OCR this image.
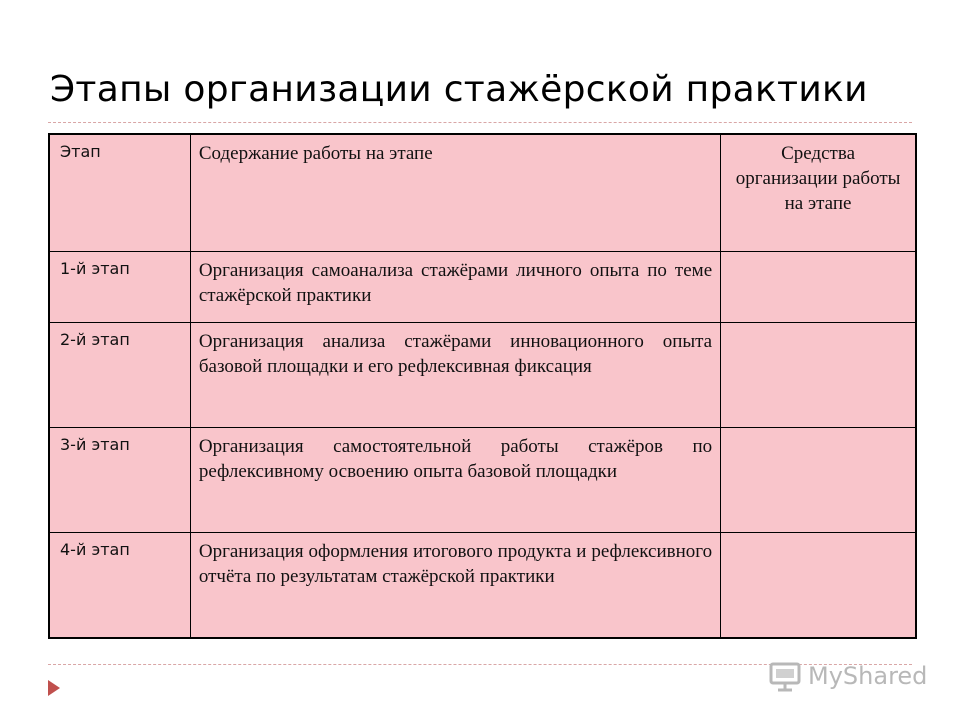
Этапы организации стажёрской практики
Этап	Содержание работы на этапе	Средства организации работы на этапе
1-й этап	Организация самоанализа стажёрами личного опыта по теме стажёрской практики	
2-й этап	Организация анализа стажёрами инновационного опыта базовой площадки и его рефлексивная фиксация	
3-й этап	Организация самостоятельной работы стажёров по рефлексивному освоению опыта базовой площадки	
4-й этап	Организация оформления итогового продукта и рефлексивного отчёта по результатам стажёрской практики	
MyShared
